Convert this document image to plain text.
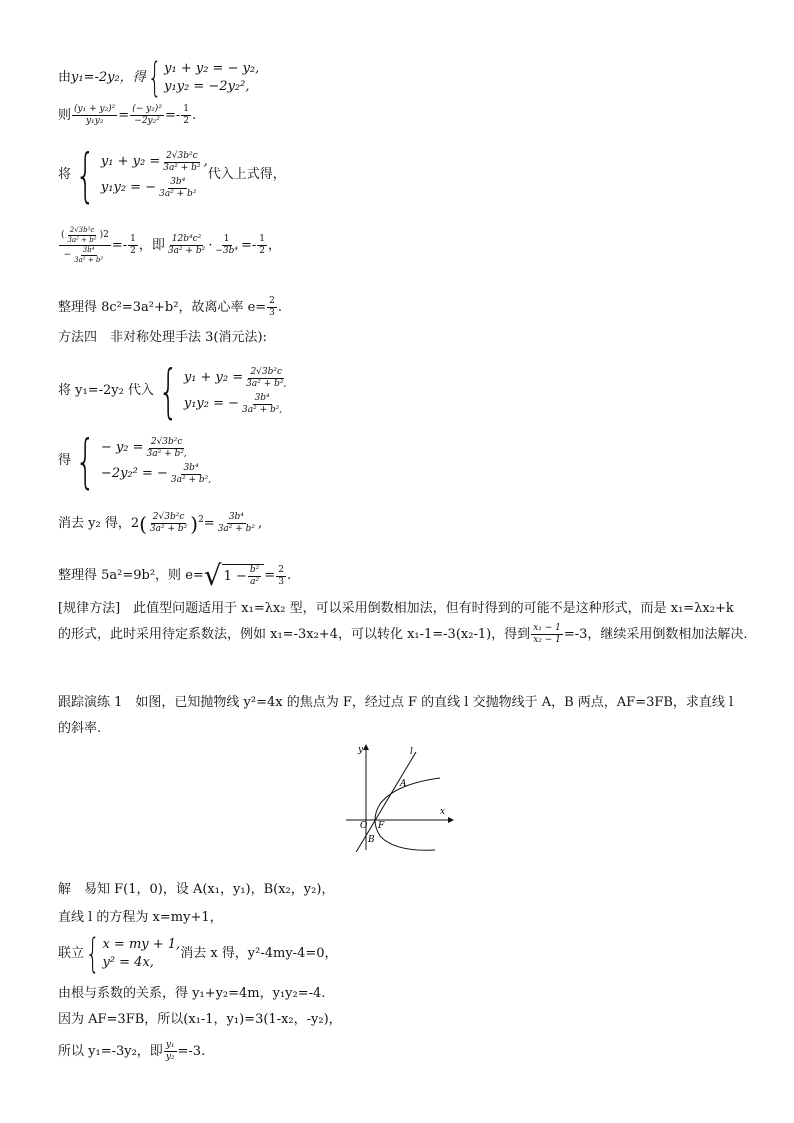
由 y₁=-2y₂，得 { y₁ + y₂ = − y₂,
y₁y₂ = −2y₂²,
则 $\frac{\text{(y₁ + y₂)²}}{\text{y₁y₂}} = \frac{\text{(− y₂)²}}{\text{−2y₂²}} =- \frac{1}{2}$ .
将 { $y_1 + y_2 = \frac{\text{2√3b²c}}{\text{3a² + b²}}$ ,
y₁y₂ = − $\frac{\text{3b⁴}}{\text{3a² + b²}}$
代入上式得，
$\frac{( \frac{\text{2√3b²c}}{\text{3a² + b²}} ) 2}{- \frac{\text{3b⁴}}{\text{3a² + b²}}} =- \frac{1}{2}$ ，即 $\frac{\text{12b⁴c²}}{\text{3a² + b²}} \cdot \frac{1}{\text{−3b⁴}} =- \frac{1}{2}$ ，
整理得 8c²=3a²+b²，故离心率 $e= \frac{2}{3}$ .
方法四　非对称处理手法 3(消元法):
将 y₁=-2y₂ 代入 { $y_1 + y_2 = \frac{\text{2√3b²c}}{\text{3a² + b²,}}$
y₁y₂ = − $\frac{\text{3b⁴}}{\text{3a² + b²,}}$
得 { − $y_2 = \frac{\text{2√3b²c}}{\text{3a² + b²,}}$
−2y₂² = − $\frac{\text{3b⁴}}{\text{3a² + b²,}}$
消去 y₂ 得，2 ( $\frac{\text{2√3b²c}}{\text{3a² + b²}} )^2 = \frac{\text{3b⁴}}{\text{3a² + b²}}$ ,
整理得 5a²=9b²，则 e= √ $1 - \frac{\text{b²}}{\text{a²}} = \frac{2}{3}$ .
[规律方法]　此值型问题适用于 x₁=λx₂ 型，可以采用倒数相加法，但有时得到的可能不是这种形式，而是 x₁=λx₂+k 的形式，此时采用待定系数法，例如 x₁=-3x₂+4，可以转化 x₁-1=-3(x₂-1)，得到 $\frac{\text{x₁ − 1}}{\text{x₂ − 1}} =-3$，继续采用倒数相加法解决.
跟踪演练 1　如图，已知抛物线 y²=4x 的焦点为 F，经过点 F 的直线 l 交抛物线于 A，B 两点，AF=3FB，求直线 l 的斜率.
O F
A
B
l
y
x
解　易知 F(1，0)，设 A(x₁，y₁)，B(x₂，y₂)，
直线 l 的方程为 x=my+1，
联立 { x = my + 1,
y² = 4x,
消去 x 得，y²-4my-4=0，
由根与系数的关系，得 y₁+y₂=4m，y₁y₂=-4.
因为 AF=3FB，所以(x₁-1，y₁)=3(1-x₂，-y₂)，
所以 y₁=-3y₂，即 $\frac{\text{y₁}}{\text{y₂}} =-3$.
